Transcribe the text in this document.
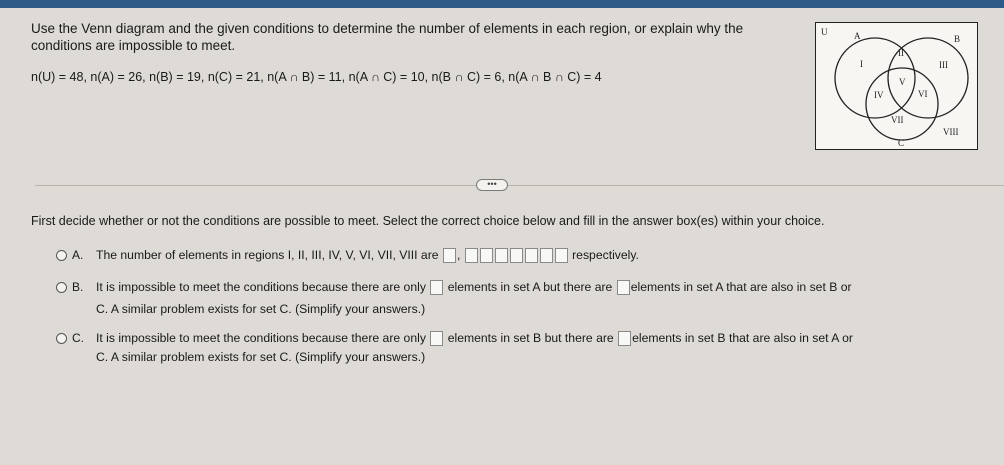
Use the Venn diagram and the given conditions to determine the number of elements in each region, or explain why the
conditions are impossible to meet.
n(U) = 48, n(A) = 26, n(B) = 19, n(C) = 21, n(A ∩ B) = 11, n(A ∩ C) = 10, n(B ∩ C) = 6, n(A ∩ B ∩ C) = 4
U	A	B
C
I
II
III
IV
V
VI
VII
VIII
•••
First decide whether or not the conditions are possible to meet. Select the correct choice below and fill in the answer box(es) within your choice.
A. The number of elements in regions I, II, III, IV, V, VI, VII, VIII are ,	respectively.
B. It is impossible to meet the conditions because there are only elements in set A but there are elements in set A that are also in set B or
C. A similar problem exists for set C. (Simplify your answers.)
C. It is impossible to meet the conditions because there are only elements in set B but there are elements in set B that are also in set A or
C. A similar problem exists for set C. (Simplify your answers.)
